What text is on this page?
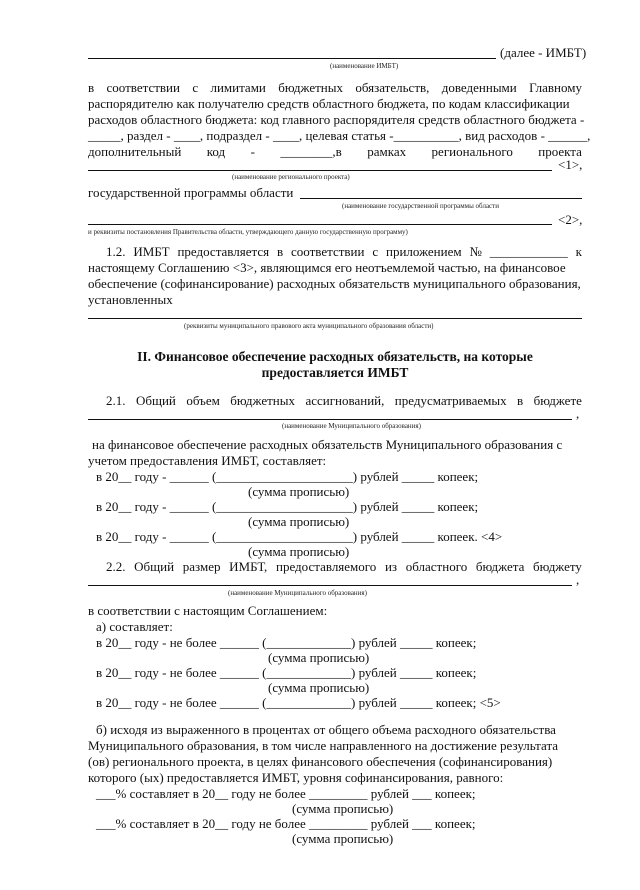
(далее - ИМБТ)
(наименование ИМБТ)
в соответствии с лимитами бюджетных обязательств, доведенными Главному
распорядителю как получателю средств областного бюджета, по кодам классификации
расходов областного бюджета: код главного распорядителя средств областного бюджета -
_____, раздел - ____, подраздел - ____, целевая статья -__________, вид расходов - ______,
дополнительный код - ________,в рамках регионального проекта
<1>,
(наименование регионального проекта)
государственной программы области
(наименование государственной программы области
<2>,
и реквизиты постановления Правительства области, утверждающего данную государственную программу)
1.2. ИМБТ предоставляется в соответствии с приложением № ____________ к
настоящему Соглашению <3>, являющимся его неотъемлемой частью, на финансовое
обеспечение (софинансирование) расходных обязательств муниципального образования,
установленных
(реквизиты муниципального правового акта муниципального образования области)
II. Финансовое обеспечение расходных обязательств, на которые
предоставляется ИМБТ
2.1. Общий объем бюджетных ассигнований, предусматриваемых в бюджете
,
(наименование Муниципального образования)
на финансовое обеспечение расходных обязательств Муниципального образования с
учетом предоставления ИМБТ, составляет:
в 20__ году - ______ (_____________________) рублей _____ копеек;
(сумма прописью)
в 20__ году - ______ (_____________________) рублей _____ копеек;
(сумма прописью)
в 20__ году - ______ (_____________________) рублей _____ копеек. <4>
(сумма прописью)
2.2. Общий размер ИМБТ, предоставляемого из областного бюджета бюджету
,
(наименование Муниципального образования)
в соответствии с настоящим Соглашением:
а) составляет:
в 20__ году - не более ______ (_____________) рублей _____ копеек;
(сумма прописью)
в 20__ году - не более ______ (_____________) рублей _____ копеек;
(сумма прописью)
в 20__ году - не более ______ (_____________) рублей _____ копеек; <5>
б) исходя из выраженного в процентах от общего объема расходного обязательства
Муниципального образования, в том числе направленного на достижение результата
(ов) регионального проекта, в целях финансового обеспечения (софинансирования)
которого (ых) предоставляется ИМБТ, уровня софинансирования, равного:
___% составляет в 20__ году не более _________ рублей ___ копеек;
(сумма прописью)
___% составляет в 20__ году не более _________ рублей ___ копеек;
(сумма прописью)
